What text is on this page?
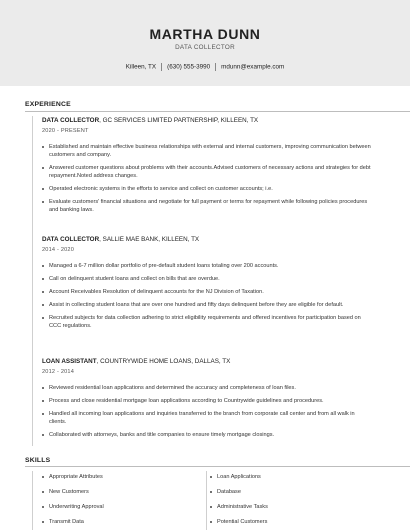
MARTHA DUNN
DATA COLLECTOR
Killeen, TX (630) 555-3990 mdunn@example.com
EXPERIENCE
DATA COLLECTOR, GC SERVICES LIMITED PARTNERSHIP, KILLEEN, TX
2020 - PRESENT
Established and maintain effective business relationships with external and internal customers, improving communication between customers and company.
Answered customer questions about problems with their accounts.Advised customers of necessary actions and strategies for debt repayment.Noted address changes.
Operated electronic systems in the efforts to service and collect on customer accounts; i.e.
Evaluate customers' financial situations and negotiate for full payment or terms for repayment while following policies procedures and banking laws.
DATA COLLECTOR, SALLIE MAE BANK, KILLEEN, TX
2014 - 2020
Managed a 6-7 million dollar portfolio of pre-default student loans totaling over 200 accounts.
Call on delinquent student loans and collect on bills that are overdue.
Account Receivables Resolution of delinquent accounts for the NJ Division of Taxation.
Assist in collecting student loans that are over one hundred and fifty days delinquent before they are eligible for default.
Recruited subjects for data collection adhering to strict eligibility requirements and offered incentives for participation based on CCC regulations.
LOAN ASSISTANT, COUNTRYWIDE HOME LOANS, DALLAS, TX
2012 - 2014
Reviewed residential loan applications and determined the accuracy and completeness of loan files.
Process and close residential mortgage loan applications according to Countrywide guidelines and procedures.
Handled all incoming loan applications and inquiries transferred to the branch from corporate call center and from all walk in clients.
Collaborated with attorneys, banks and title companies to ensure timely mortgage closings.
SKILLS
Appropriate Attributes
New Customers
Underwriting Approval
Transmit Data
Loan Applications
Database
Administrative Tasks
Potential Customers
